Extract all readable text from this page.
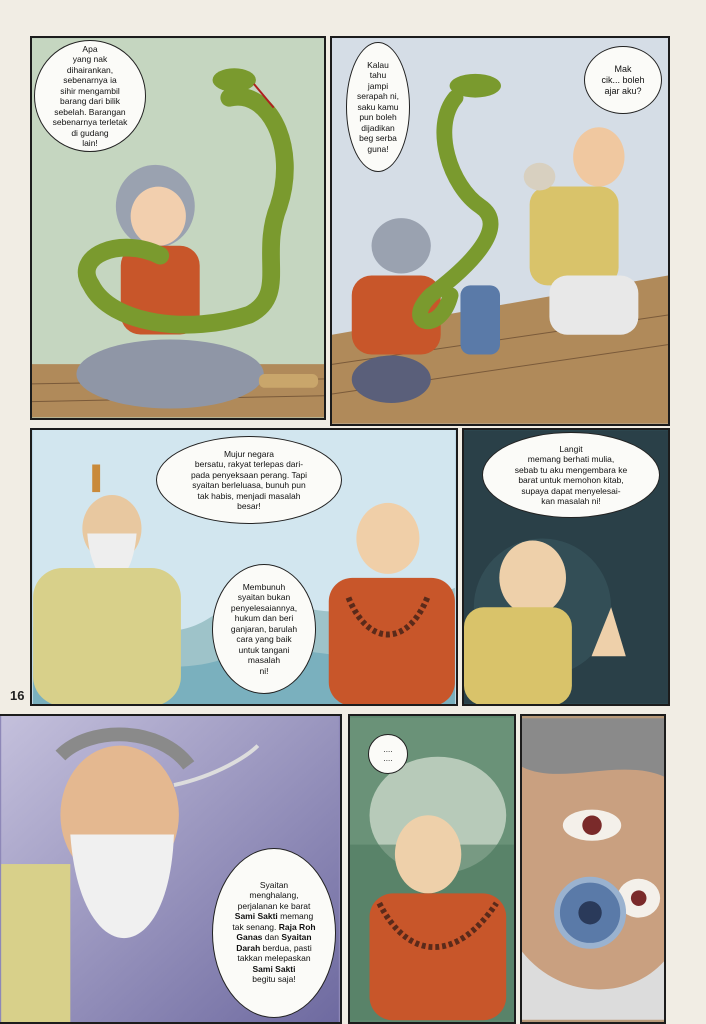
Apa
yang nak
dihairankan,
sebenarnya ia
sihir mengambil
barang dari bilik
sebelah. Barangan
sebenarnya terletak
di gudang
lain!
Kalau
tahu
jampi
serapah ni,
saku kamu
pun boleh
dijadikan
beg serba
guna!
Mak
cik... boleh
ajar aku?
Mujur negara
bersatu, rakyat terlepas dari-
pada penyeksaan perang. Tapi
syaitan berleluasa, bunuh pun
tak habis, menjadi masalah
besar!
Membunuh
syaitan bukan
penyelesaiannya,
hukum dan beri
ganjaran, barulah
cara yang baik
untuk tangani
masalah
ni!
Langit
memang berhati mulia,
sebab tu aku mengembara ke
barat untuk memohon kitab,
supaya dapat menyelesai-
kan masalah ni!
16

Syaitan
menghalang,
perjalanan ke barat
Sami Sakti memang
tak senang. Raja Roh
Ganas dan Syaitan
Darah berdua, pasti
takkan melepaskan
Sami Sakti
begitu saja!

....
....
